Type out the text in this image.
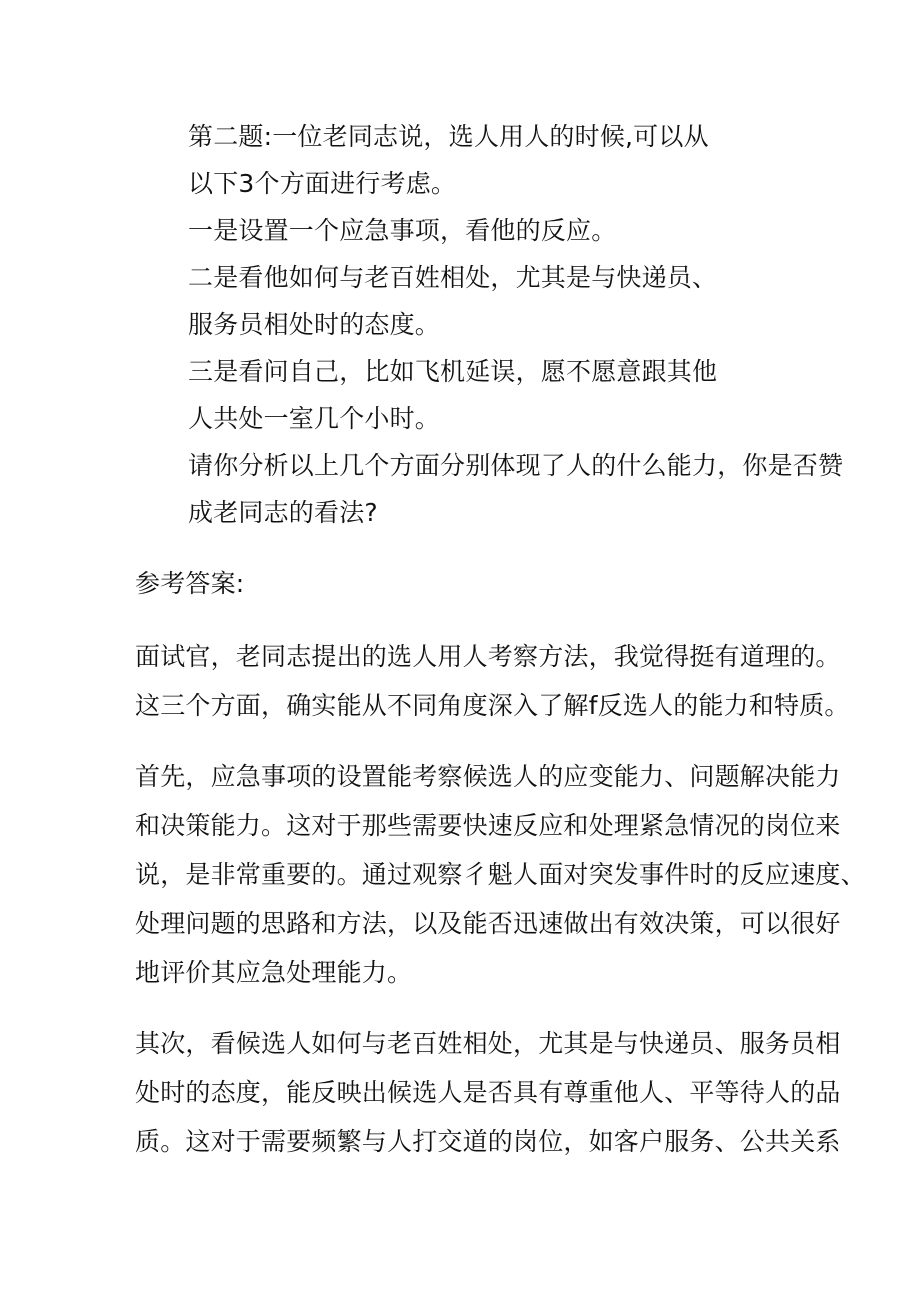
第二题:一位老同志说，选人用人的时候,可以从
以下3个方面进行考虑。
一是设置一个应急事项，看他的反应。
二是看他如何与老百姓相处，尤其是与快递员、
服务员相处时的态度。
三是看问自己，比如飞机延误，愿不愿意跟其他
人共处一室几个小时。
请你分析以上几个方面分别体现了人的什么能力，你是否赞
成老同志的看法?
参考答案:
面试官，老同志提出的选人用人考察方法，我觉得挺有道理的。
这三个方面，确实能从不同角度深入了解f反选人的能力和特质。
首先，应急事项的设置能考察候选人的应变能力、问题解决能力
和决策能力。这对于那些需要快速反应和处理紧急情况的岗位来
说，是非常重要的。通过观察彳魁人面对突发事件时的反应速度、
处理问题的思路和方法，以及能否迅速做出有效决策，可以很好
地评价其应急处理能力。
其次，看候选人如何与老百姓相处，尤其是与快递员、服务员相
处时的态度，能反映出候选人是否具有尊重他人、平等待人的品
质。这对于需要频繁与人打交道的岗位，如客户服务、公共关系
